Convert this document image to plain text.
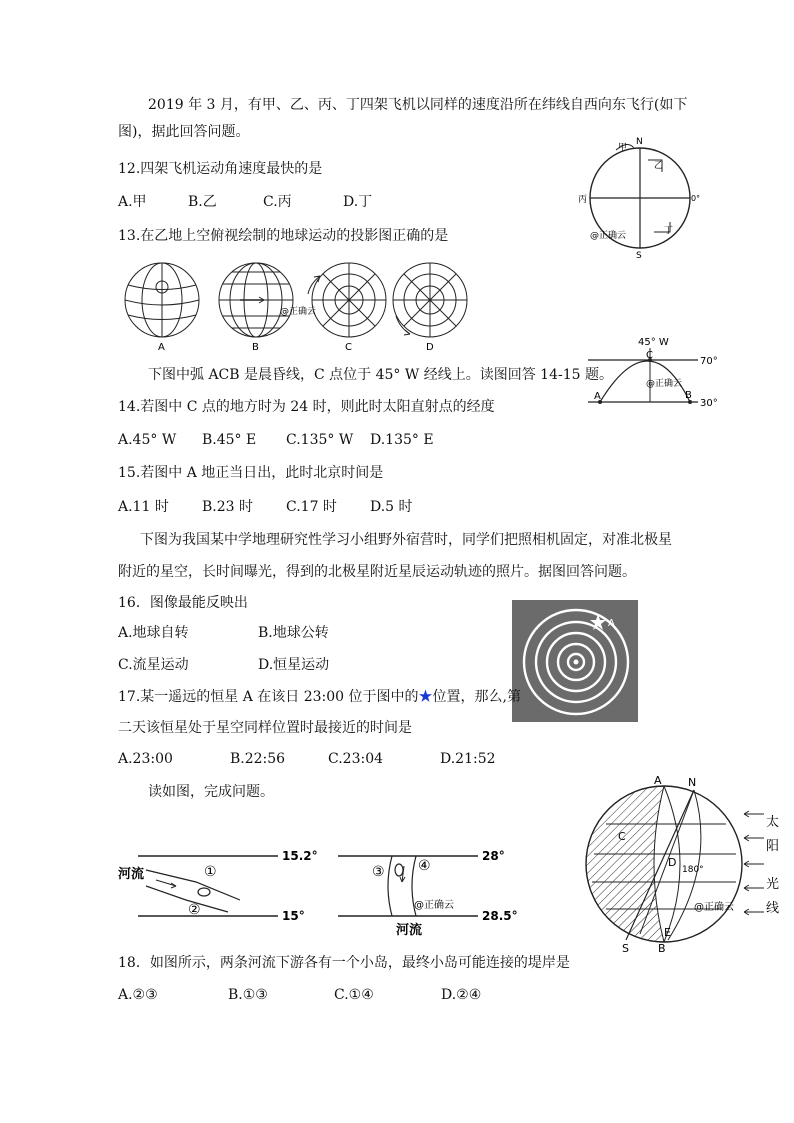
2019 年 3 月，有甲、乙、丙、丁四架飞机以同样的速度沿所在纬线自西向东飞行(如下
图)，据此回答问题。
12.四架飞机运动角速度最快的是
A.甲	B.乙	C.丙	D.丁
N
S
0°
甲
乙
丙
丁
@正确云
13.在乙地上空俯视绘制的地球运动的投影图正确的是
@正确云
A	B	C	D
下图中弧 ACB 是晨昏线，C 点位于 45° W 经线上。读图回答 14-15 题。
45° W
C
A	B
70°
30°
@正确云
14.若图中 C 点的地方时为 24 时，则此时太阳直射点的经度
A.45° W B.45° E C.135° W D.135° E
15.若图中 A 地正当日出，此时北京时间是
A.11 时 B.23 时 C.17 时 D.5 时
下图为我国某中学地理研究性学习小组野外宿营时，同学们把照相机固定，对准北极星
附近的星空，长时间曝光，得到的北极星附近星辰运动轨迹的照片。据图回答问题。
16．图像最能反映出
A.地球自转	B.地球公转
C.流星运动	D.恒星运动
A
17.某一遥远的恒星 A 在该日 23:00 位于图中的★位置，那么,第
二天该恒星处于星空同样位置时最接近的时间是
A.23:00	B.22:56	C.23:04	D.21:52
读如图，完成问题。
河流	①
②
15.2°
15°
③ ④
28°
28.5°
河流
@正确云
A N
C
D
180°
S
E
B
@正确云
太
阳
光
线
18．如图所示，两条河流下游各有一个小岛，最终小岛可能连接的堤岸是
A.②③	B.①③	C.①④	D.②④
